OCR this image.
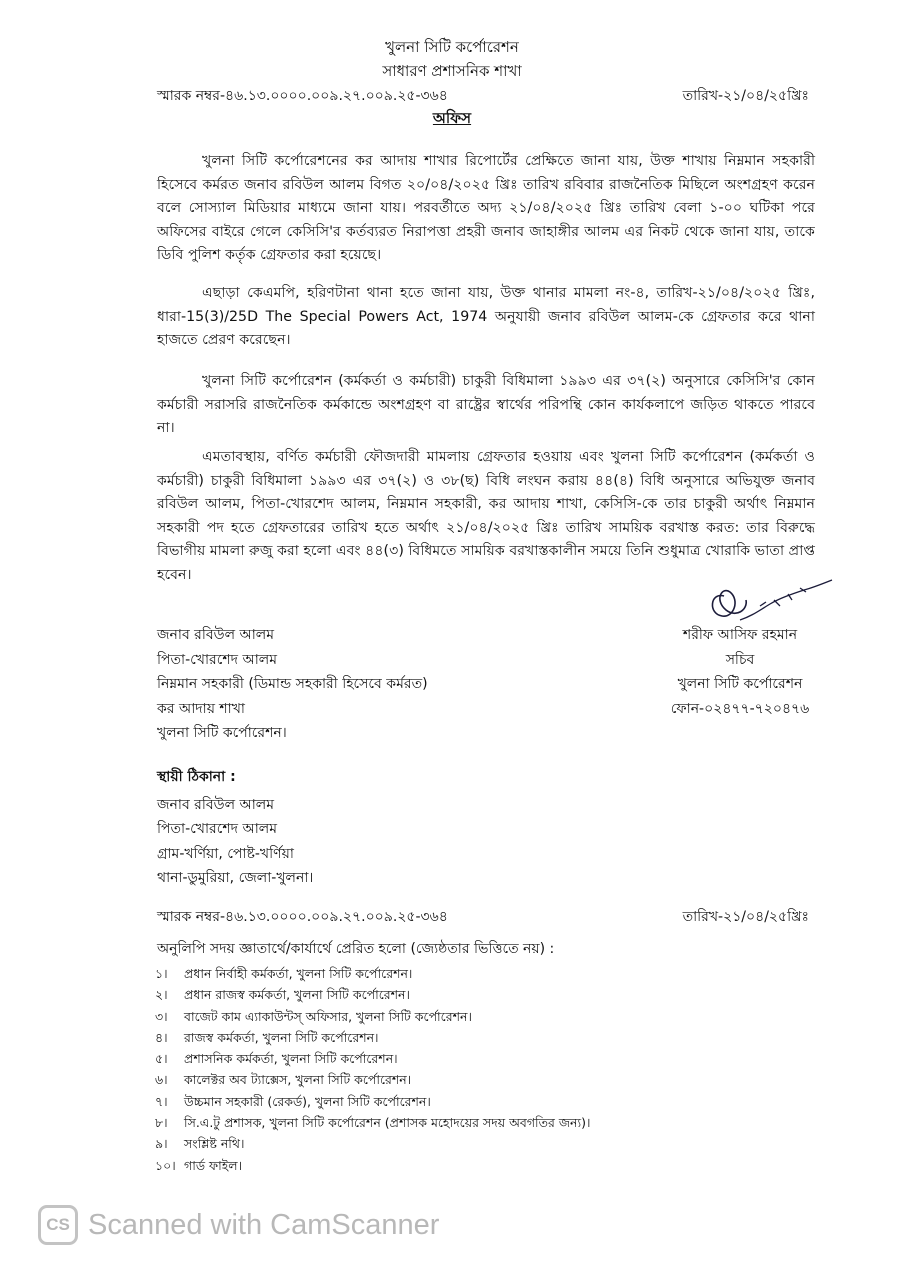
খুলনা সিটি কর্পোরেশন
সাধারণ প্রশাসনিক শাখা
স্মারক নম্বর-৪৬.১৩.০০০০.০০৯.২৭.০০৯.২৫-৩৬৪	তারিখ-২১/০৪/২৫খ্রিঃ
অফিস

খুলনা সিটি কর্পোরেশনের কর আদায় শাখার রিপোর্টের প্রেক্ষিতে জানা যায়, উক্ত শাখায় নিম্নমান সহকারী হিসেবে কর্মরত জনাব রবিউল আলম বিগত ২০/০৪/২০২৫ খ্রিঃ তারিখ রবিবার রাজনৈতিক মিছিলে অংশগ্রহণ করেন বলে সোস্যাল মিডিয়ার মাধ্যমে জানা যায়। পরবর্তীতে অদ্য ২১/০৪/২০২৫ খ্রিঃ তারিখ বেলা ১-০০ ঘটিকা পরে অফিসের বাইরে গেলে কেসিসি'র কর্তব্যরত নিরাপত্তা প্রহরী জনাব জাহাঙ্গীর আলম এর নিকট থেকে জানা যায়, তাকে ডিবি পুলিশ কর্তৃক গ্রেফতার করা হয়েছে।

এছাড়া কেএমপি, হরিণটানা থানা হতে জানা যায়, উক্ত থানার মামলা নং-৪, তারিখ-২১/০৪/২০২৫ খ্রিঃ, ধারা-15(3)/25D The Special Powers Act, 1974 অনুযায়ী জনাব রবিউল আলম-কে গ্রেফতার করে থানা হাজতে প্রেরণ করেছেন।

খুলনা সিটি কর্পোরেশন (কর্মকর্তা ও কর্মচারী) চাকুরী বিধিমালা ১৯৯৩ এর ৩৭(২) অনুসারে কেসিসি'র কোন কর্মচারী সরাসরি রাজনৈতিক কর্মকান্ডে অংশগ্রহণ বা রাষ্ট্রের স্বার্থের পরিপন্থি কোন কার্যকলাপে জড়িত থাকতে পারবে না।

এমতাবস্থায়, বর্ণিত কর্মচারী ফৌজদারী মামলায় গ্রেফতার হওয়ায় এবং খুলনা সিটি কর্পোরেশন (কর্মকর্তা ও কর্মচারী) চাকুরী বিধিমালা ১৯৯৩ এর ৩৭(২) ও ৩৮(ছ) বিধি লংঘন করায় ৪৪(৪) বিধি অনুসারে অভিযুক্ত জনাব রবিউল আলম, পিতা-খোরশেদ আলম, নিম্নমান সহকারী, কর আদায় শাখা, কেসিসি-কে তার চাকুরী অর্থাৎ নিম্নমান সহকারী পদ হতে গ্রেফতারের তারিখ হতে অর্থাৎ ২১/০৪/২০২৫ খ্রিঃ তারিখ সাময়িক বরখাস্ত করত: তার বিরুদ্ধে বিভাগীয় মামলা রুজু করা হলো এবং ৪৪(৩) বিধিমতে সাময়িক বরখাস্তকালীন সময়ে তিনি শুধুমাত্র খোরাকি ভাতা প্রাপ্ত হবেন।

শরীফ আসিফ রহমান
সচিব
খুলনা সিটি কর্পোরেশন
ফোন-০২৪৭৭-৭২০৪৭৬
জনাব রবিউল আলম
পিতা-খোরশেদ আলম
নিম্নমান সহকারী (ডিমান্ড সহকারী হিসেবে কর্মরত)
কর আদায় শাখা
খুলনা সিটি কর্পোরেশন।
স্থায়ী ঠিকানা :
জনাব রবিউল আলম
পিতা-খোরশেদ আলম
গ্রাম-খর্ণিয়া, পোষ্ট-খর্ণিয়া
থানা-ডুমুরিয়া, জেলা-খুলনা।
স্মারক নম্বর-৪৬.১৩.০০০০.০০৯.২৭.০০৯.২৫-৩৬৪	তারিখ-২১/০৪/২৫খ্রিঃ
অনুলিপি সদয় জ্ঞাতার্থে/কার্যার্থে প্রেরিত হলো (জ্যেষ্ঠতার ভিত্তিতে নয়) :
১।	প্রধান নির্বাহী কর্মকর্তা, খুলনা সিটি কর্পোরেশন।
২।	প্রধান রাজস্ব কর্মকর্তা, খুলনা সিটি কর্পোরেশন।
৩।	বাজেট কাম এ্যাকাউন্টস্ অফিসার, খুলনা সিটি কর্পোরেশন।
৪।	রাজস্ব কর্মকর্তা, খুলনা সিটি কর্পোরেশন।
৫।	প্রশাসনিক কর্মকর্তা, খুলনা সিটি কর্পোরেশন।
৬।	কালেক্টর অব ট্যাক্সেস, খুলনা সিটি কর্পোরেশন।
৭।	উচ্চমান সহকারী (রেকর্ড), খুলনা সিটি কর্পোরেশন।
৮।	সি.এ.টু প্রশাসক, খুলনা সিটি কর্পোরেশন (প্রশাসক মহোদয়ের সদয় অবগতির জন্য)।
৯।	সংশ্লিষ্ট নথি।
১০। গার্ড ফাইল।
CS Scanned with CamScanner
